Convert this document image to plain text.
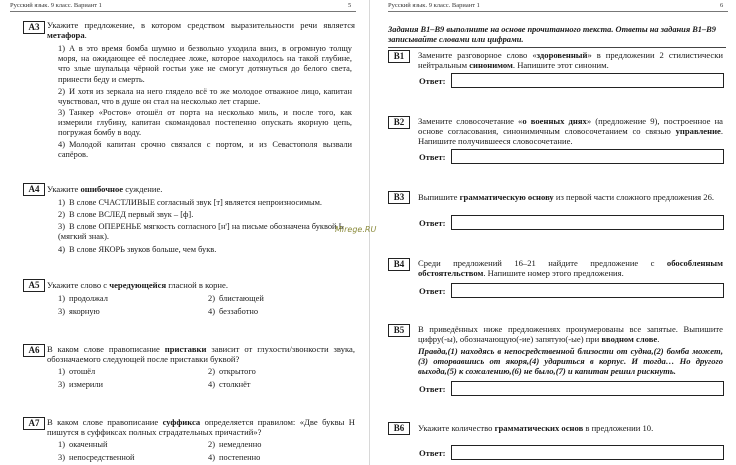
Русский язык. 9 класс. Вариант 1	5
А3 Укажите предложение, в котором средством выразительности речи является метафора.
1) А в это время бомба шумно и безвольно уходила вниз, в огромную толщу моря, на ожидающее её последнее ложе, которое находилось на такой глубине, что злые шупальца чёрной гостьи уже не смогут дотянуться до белого света, принести беду и смерть.
2) И хотя из зеркала на него глядело всё то же молодое отважное лицо, капитан чувствовал, что в душе он стал на несколько лет старше.
3) Танкер «Ростов» отошёл от порта на несколько миль, и после того, как измерили глубину, капитан скомандовал постепенно опускать якорную цепь, погружая бомбу в воду.
4) Молодой капитан срочно связался с портом, и из Севастополя вызвали сапёров.
А4 Укажите ошибочное суждение.
1) В слове СЧАСТЛИВЫЕ согласный звук [т] является непроизносимым.
2) В слове ВСЛЕД первый звук – [ф].
3) В слове ОПЕРЕНЬЕ мягкость согласного [н'] на письме обозначена буквой Ь (мягкий знак).
4) В слове ЯКОРЬ звуков больше, чем букв.
А5 Укажите слово с чередующейся гласной в корне.
1) продолжал	2) блистающей
3) якорную	4) беззаботно
А6 В каком слове правописание приставки зависит от глухости/звонкости звука, обозначаемого следующей после приставки буквой?
1) отошёл	2) открытого
3) измерили	4) столкнёт
А7 В каком слове правописание суффикса определяется правилом: «Две буквы Н пишутся в суффиксах полных страдательных причастий»?
1) окаченный	2) немедленно
3) непосредственной	4) постепенно
Русский язык. 9 класс. Вариант 1	6
Задания В1–В9 выполните на основе прочитанного текста. Ответы на задания В1–В9 записывайте словами или цифрами.
В1	Замените разговорное слово «здоровенный» в предложении 2 стилистически нейтральным синонимом. Напишите этот синоним.
Ответ:
В2	Замените словосочетание «о военных днях» (предложение 9), построенное на основе согласования, синонимичным словосочетанием со связью управление. Напишите получившееся словосочетание.
Ответ:
В3	Выпишите грамматическую основу из первой части сложного предложения 26.
Ответ:
В4	Среди предложений 16–21 найдите предложение с обособленным обстоятельством. Напишите номер этого предложения.
Ответ:
В5	В приведённых ниже предложениях пронумерованы все запятые. Выпишите цифру(-ы), обозначающую(-ие) запятую(-ые) при вводном слове.
Правда,(1) находясь в непосредственной близости от судна,(2) бомба может,(3) оторвавшись от якоря,(4) удариться в корпус. И тогда… Но другого выхода,(5) к сожалению,(6) не было,(7) и капитан решил рискнуть.
Ответ:
В6	Укажите количество грамматических основ в предложении 10.
Ответ:
Mirege.RU
